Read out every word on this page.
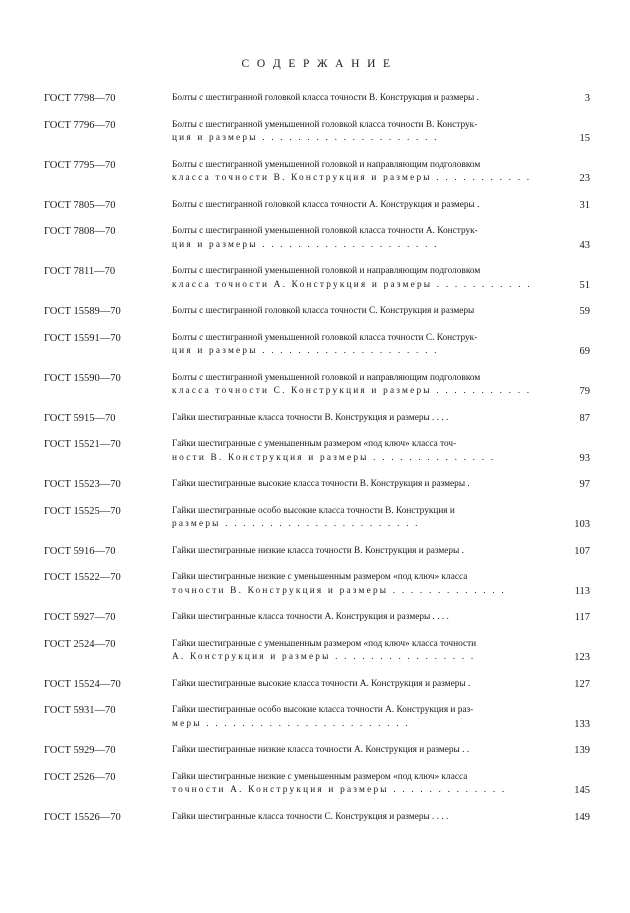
С О Д Е Р Ж А Н И Е
ГОСТ 7798—70	Болты с шестигранной головкой класса точности В. Конструкция и размеры .	3
ГОСТ 7796—70	Болты с шестигранной уменьшенной головкой класса точности В. Конструк-
ция и размеры . . . . . . . . . . . . . . . . . . . .	15
ГОСТ 7795—70	Болты с шестигранной уменьшенной головкой и направляющим подголовком
класса точности В. Конструкция и размеры . . . . . . . . . . .	23
ГОСТ 7805—70	Болты с шестигранной головкой класса точности А. Конструкция и размеры .	31
ГОСТ 7808—70	Болты с шестигранной уменьшенной головкой класса точности А. Конструк-
ция и размеры . . . . . . . . . . . . . . . . . . . .	43
ГОСТ 7811—70	Болты с шестигранной уменьшенной головкой и направляющим подголовком
класса точности А. Конструкция и размеры . . . . . . . . . . .	51
ГОСТ 15589—70	Болты с шестигранной головкой класса точности С. Конструкция и размеры	59
ГОСТ 15591—70	Болты с шестигранной уменьшенной головкой класса точности С. Конструк-
ция и размеры . . . . . . . . . . . . . . . . . . . .	69
ГОСТ 15590—70	Болты с шестигранной уменьшенной головкой и направляющим подголовком
класса точности С. Конструкция и размеры . . . . . . . . . . .	79
ГОСТ 5915—70	Гайки шестигранные класса точности В. Конструкция и размеры . . . .	87
ГОСТ 15521—70	Гайки шестигранные с уменьшенным размером «под ключ» класса точ-
ности В. Конструкция и размеры . . . . . . . . . . . . . .	93
ГОСТ 15523—70	Гайки шестигранные высокие класса точности В. Конструкция и размеры .	97
ГОСТ 15525—70	Гайки шестигранные особо высокие класса точности В. Конструкция и
размеры . . . . . . . . . . . . . . . . . . . . . .	103
ГОСТ 5916—70	Гайки шестигранные низкие класса точности В. Конструкция и размеры .	107
ГОСТ 15522—70	Гайки шестигранные низкие с уменьшенным размером «под ключ» класса
точности В. Конструкция и размеры . . . . . . . . . . . . .	113
ГОСТ 5927—70	Гайки шестигранные класса точности А. Конструкция и размеры . . . .	117
ГОСТ 2524—70	Гайки шестигранные с уменьшенным размером «под ключ» класса точности
А. Конструкция и размеры . . . . . . . . . . . . . . . .	123
ГОСТ 15524—70	Гайки шестигранные высокие класса точности А. Конструкция и размеры .	127
ГОСТ 5931—70	Гайки шестигранные особо высокие класса точности А. Конструкция и раз-
меры . . . . . . . . . . . . . . . . . . . . . . .	133
ГОСТ 5929—70	Гайки шестигранные низкие класса точности А. Конструкция и размеры . .	139
ГОСТ 2526—70	Гайки шестигранные низкие с уменьшенным размером «под ключ» класса
точности А. Конструкция и размеры . . . . . . . . . . . . .	145
ГОСТ 15526—70	Гайки шестигранные класса точности С. Конструкция и размеры . . . .	149
